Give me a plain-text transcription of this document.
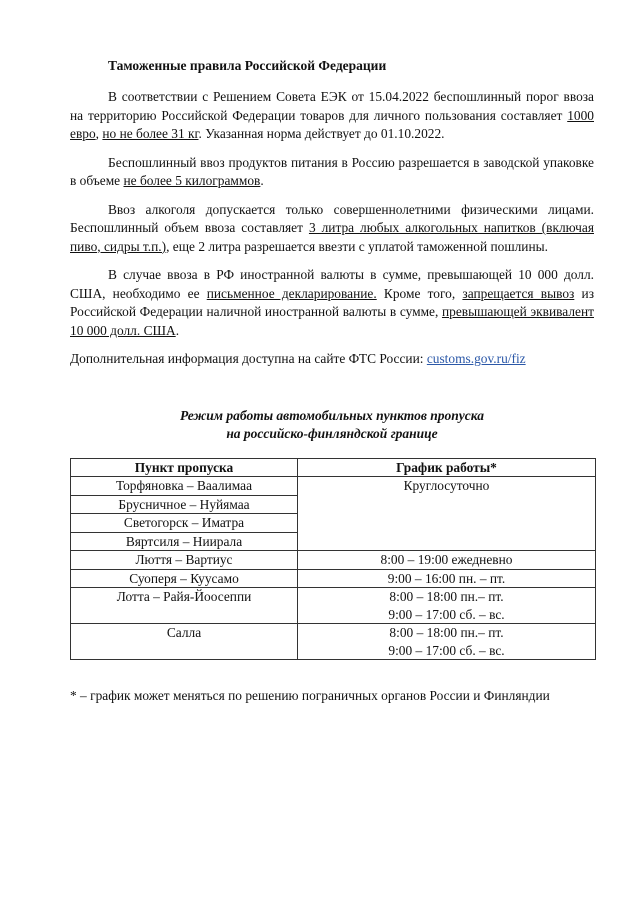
Таможенные правила Российской Федерации

В соответствии с Решением Совета ЕЭК от 15.04.2022 беспошлинный порог ввоза на территорию Российской Федерации товаров для личного пользования составляет 1000 евро, но не более 31 кг. Указанная норма действует до 01.10.2022.

Беспошлинный ввоз продуктов питания в Россию разрешается в заводской упаковке в объеме не более 5 килограммов.

Ввоз алкоголя допускается только совершеннолетними физическими лицами. Беспошлинный объем ввоза составляет 3 литра любых алкогольных напитков (включая пиво, сидры т.п.), еще 2 литра разрешается ввезти с уплатой таможенной пошлины.

В случае ввоза в РФ иностранной валюты в сумме, превышающей 10 000 долл. США, необходимо ее письменное декларирование. Кроме того, запрещается вывоз из Российской Федерации наличной иностранной валюты в сумме, превышающей эквивалент 10 000 долл. США.

Дополнительная информация доступна на сайте ФТС России: customs.gov.ru/fiz

Режим работы автомобильных пунктов пропуска
на российско-финляндской границе
Пункт пропуска	График работы*
Торфяновка – Ваалимаа	Круглосуточно

Брусничное – Нуйямаа	
Светогорск – Иматра	
Вяртсиля – Ниирала	
Люття – Вартиус	8:00 – 19:00 ежедневно

Суоперя – Куусамо	9:00 – 16:00 пн. – пт.

Лотта – Райя-Йоосеппи	8:00 – 18:00 пн.– пт.
9:00 – 17:00 сб. – вс.

Салла	8:00 – 18:00 пн.– пт.
9:00 – 17:00 сб. – вс.

* – график может меняться по решению пограничных органов России и Финляндии
